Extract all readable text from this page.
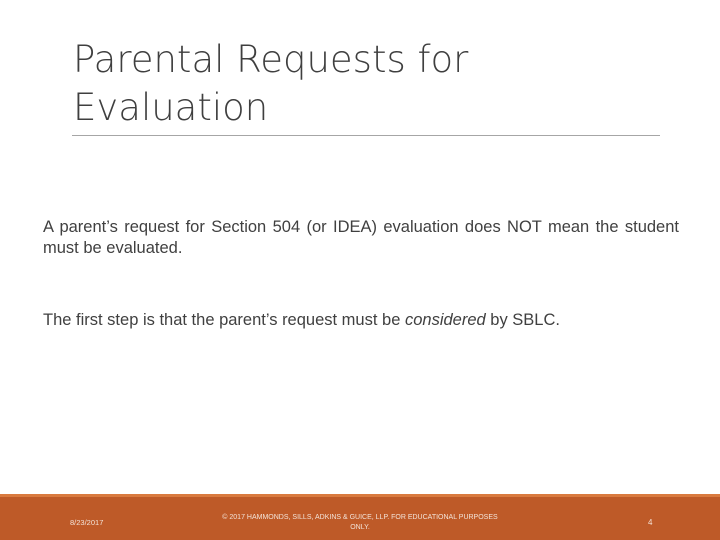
Parental Requests for Evaluation
A parent’s request for Section 504 (or IDEA) evaluation does NOT mean the student must be evaluated.
The first step is that the parent’s request must be considered by SBLC.
8/23/2017
© 2017 HAMMONDS, SILLS, ADKINS & GUICE, LLP. FOR EDUCATIONAL PURPOSES ONLY.
4
